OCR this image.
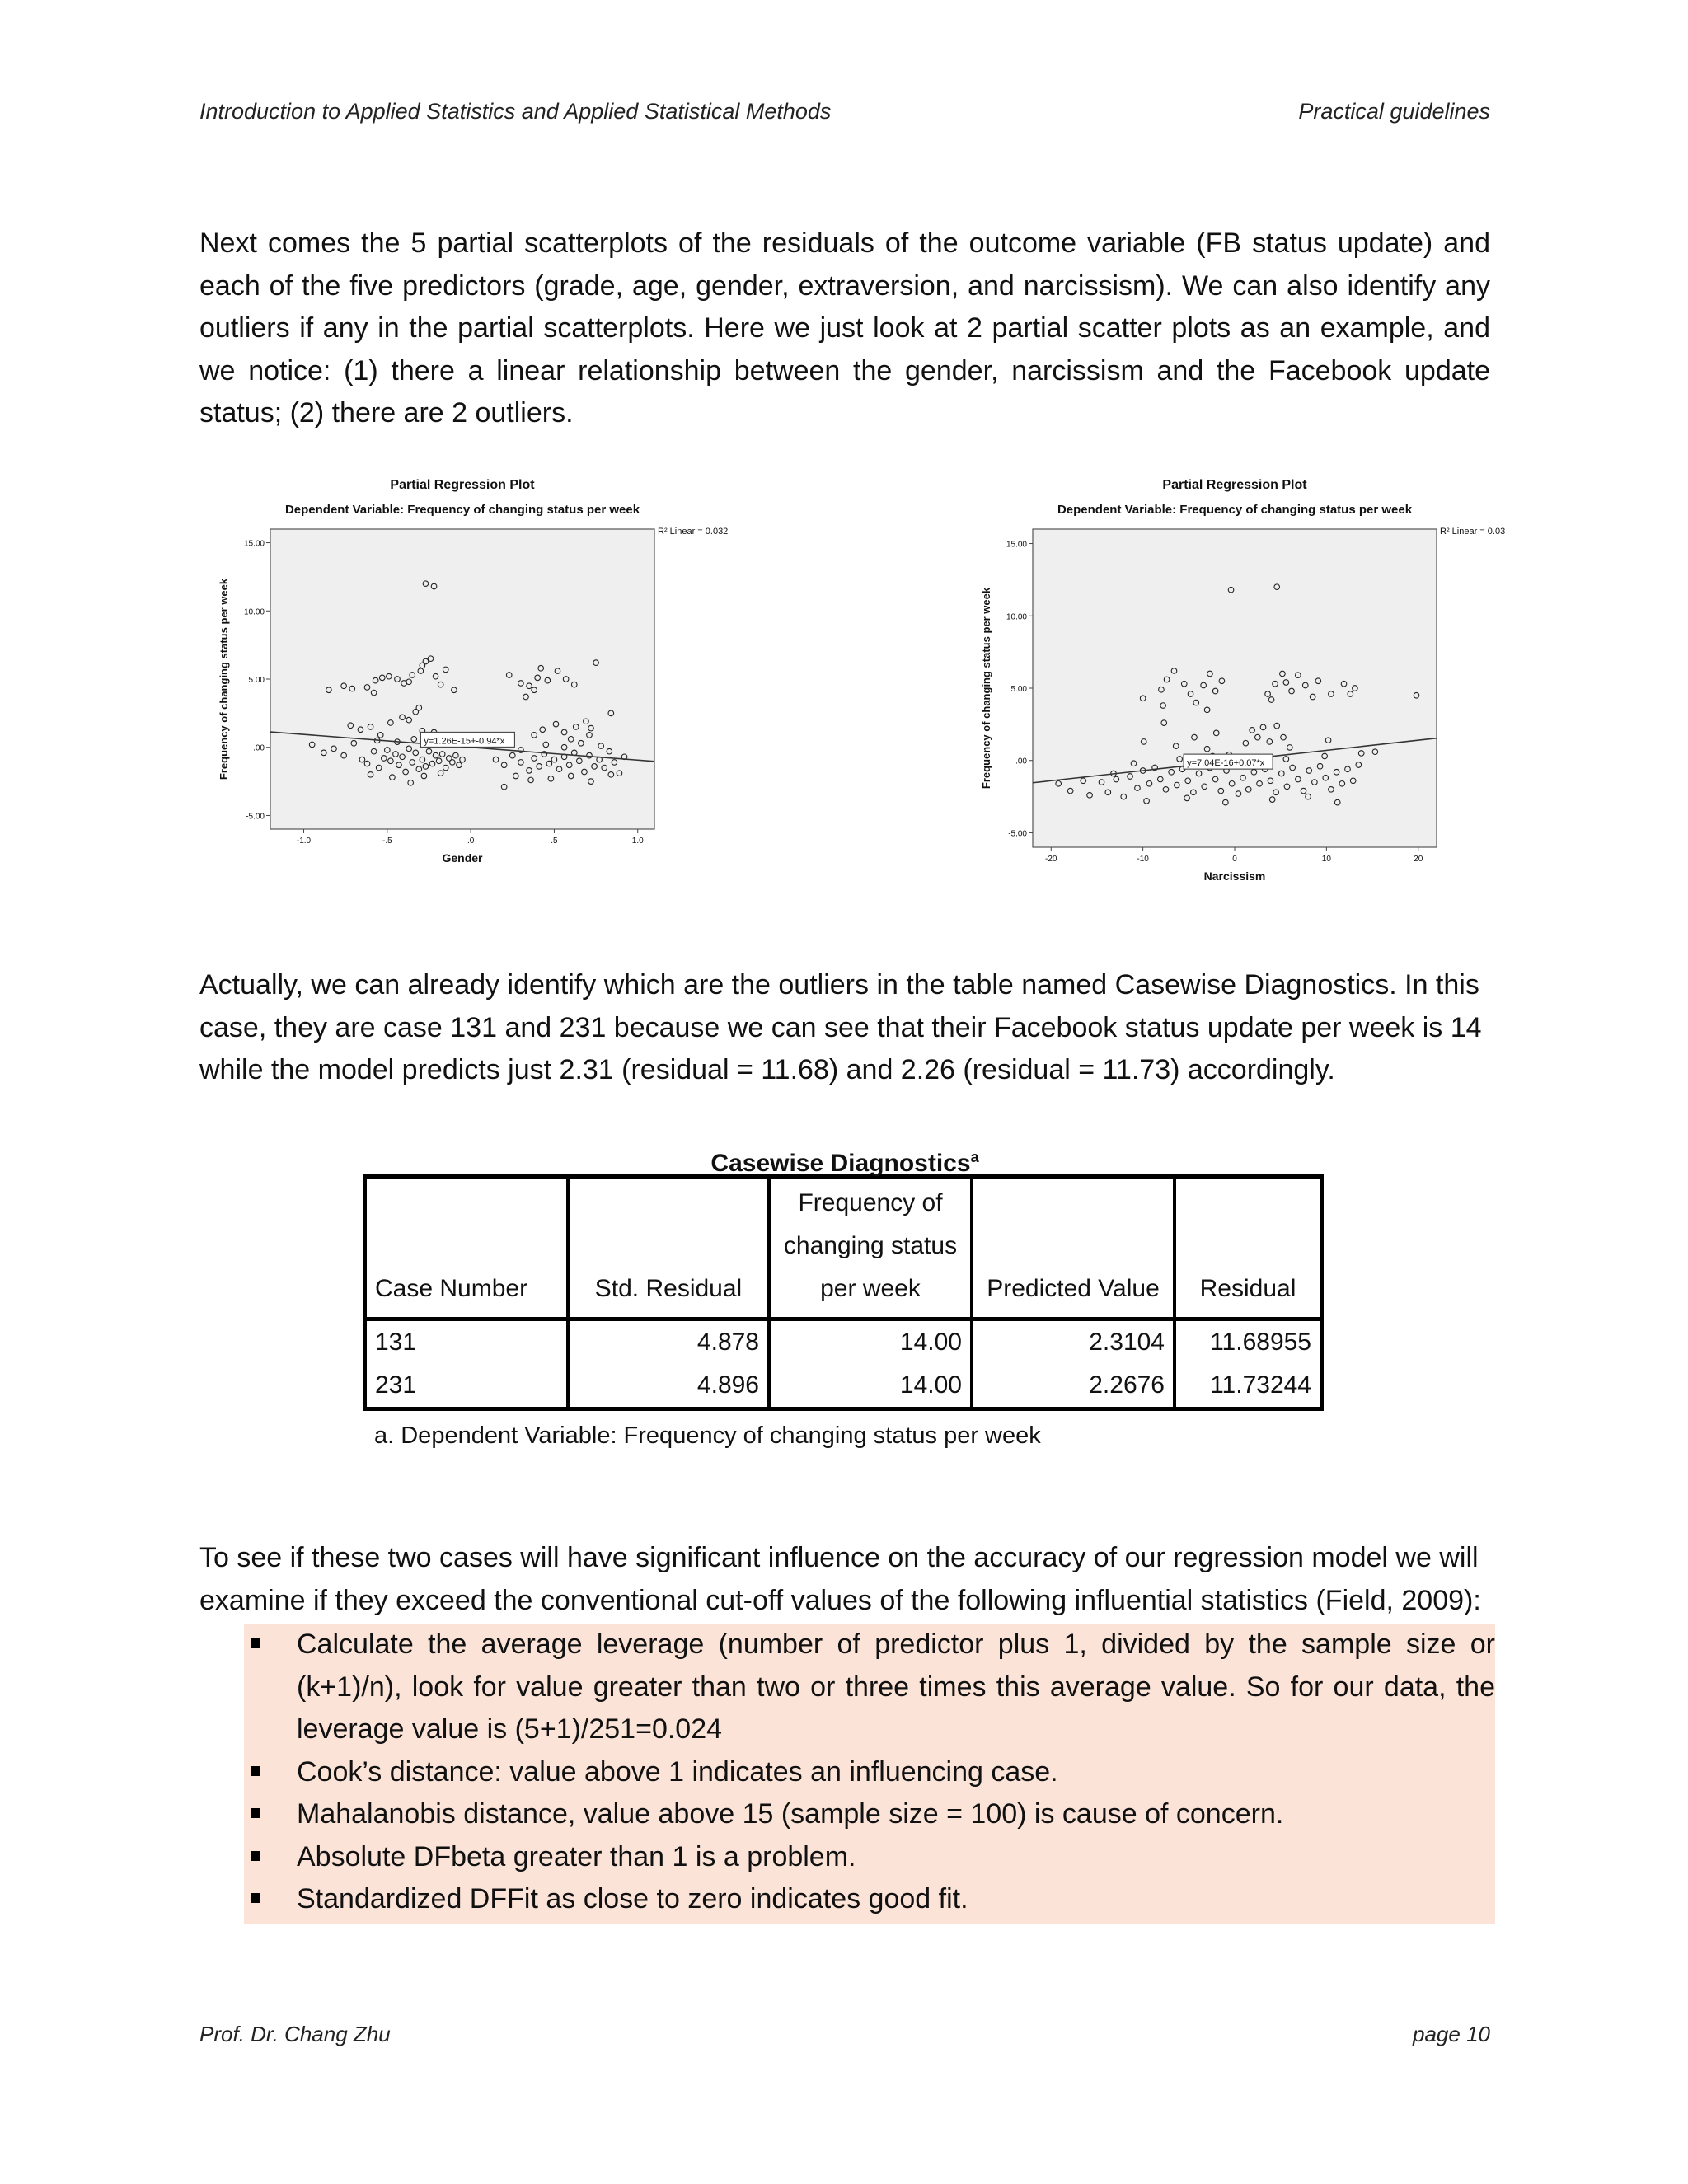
Introduction to Applied Statistics and Applied Statistical Methods	Practical guidelines

Next comes the 5 partial scatterplots of the residuals of the outcome variable (FB status update) and each of the five predictors (grade, age, gender, extraversion, and narcissism). We can also identify any outliers if any in the partial scatterplots. Here we just look at 2 partial scatter plots as an example, and we notice: (1) there a linear relationship between the gender, narcissism and the Facebook update status; (2) there are 2 outliers.

Partial Regression Plot
Dependent Variable: Frequency of changing status per week
R² Linear = 0.032
-5.00
.00
5.00
10.00
15.00
-1.0	-.5	.0	.5	1.0
Gender
Frequency of changing status per week	y=1.26E-15+-0.94*x
Partial Regression Plot
Dependent Variable: Frequency of changing status per week
R² Linear = 0.03
-5.00
.00
5.00
10.00
15.00
-20	-10	0	10	20
Narcissism
Frequency of changing status per week	y=7.04E-16+0.07*x

Actually, we can already identify which are the outliers in the table named Casewise Diagnostics. In this case, they are case 131 and 231 because we can see that their Facebook status update per week is 14 while the model predicts just 2.31 (residual = 11.68) and 2.26 (residual = 11.73) accordingly.

Casewise Diagnostics$^a$
Case Number	Std. Residual	Frequency of
changing status
per week	Predicted Value	Residual
131	4.878	14.00	2.3104	11.68955
231	4.896	14.00	2.2676	11.73244
a. Dependent Variable: Frequency of changing status per week

To see if these two cases will have significant influence on the accuracy of our regression model we will examine if they exceed the conventional cut-off values of the following influential statistics (Field, 2009):

Calculate the average leverage (number of predictor plus 1, divided by the sample size or (k+1)/n), look for value greater than two or three times this average value. So for our data, the leverage value is (5+1)/251=0.024
Cook’s distance: value above 1 indicates an influencing case.
Mahalanobis distance, value above 15 (sample size = 100) is cause of concern.
Absolute DFbeta greater than 1 is a problem.
Standardized DFFit as close to zero indicates good fit.
Prof. Dr. Chang Zhu	page 10
